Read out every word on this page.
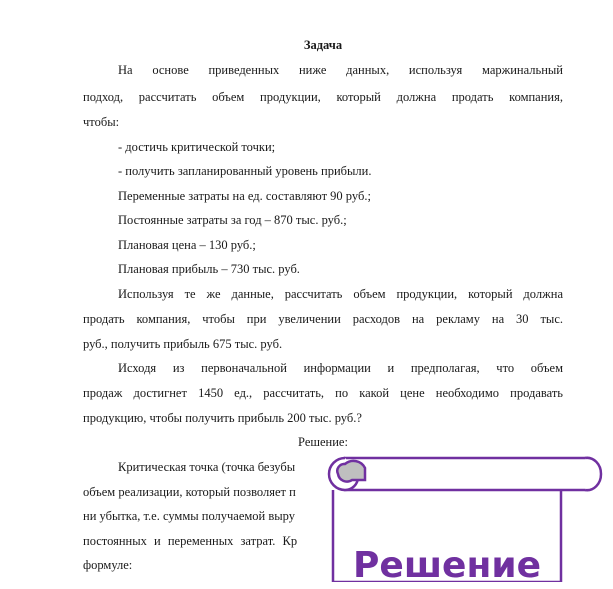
Задача
На основе приведенных ниже данных, используя маржинальный
подход, рассчитать объем продукции, который должна продать компания,
чтобы:
- достичь критической точки;
- получить запланированный уровень прибыли.
Переменные затраты на ед. составляют 90 руб.;
Постоянные затраты за год – 870 тыс. руб.;
Плановая цена – 130 руб.;
Плановая прибыль – 730 тыс. руб.
Используя те же данные, рассчитать объем продукции, который должна
продать компания, чтобы при увеличении расходов на рекламу на 30 тыс.
руб., получить прибыль 675 тыс. руб.
Исходя из первоначальной информации и предполагая, что объем
продаж достигнет 1450 ед., рассчитать, по какой цене необходимо продавать
продукцию, чтобы получить прибыль 200 тыс. руб.?
Решение:
Критическая точка (точка безубы
объем реализации, который позволяет п
ни убытка, т.е. суммы получаемой выру
постоянных и переменных затрат. Кр
формуле:	Решение
